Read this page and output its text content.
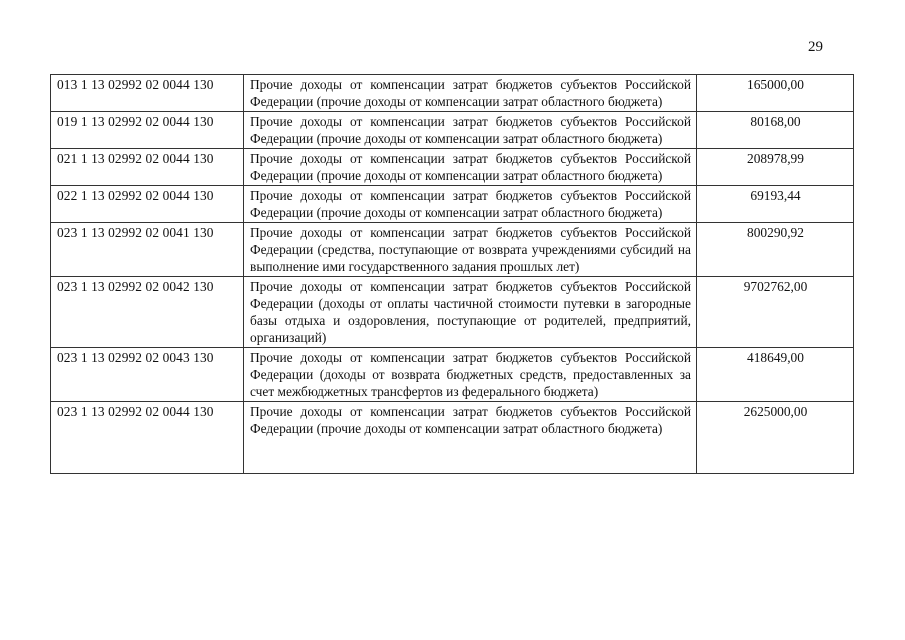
29
013 1 13 02992 02 0044 130	Прочие доходы от компенсации затрат бюджетов субъектов Российской Федерации (прочие доходы от компенсации затрат областного бюджета)	165000,00
019 1 13 02992 02 0044 130	Прочие доходы от компенсации затрат бюджетов субъектов Российской Федерации (прочие доходы от компенсации затрат областного бюджета)	80168,00
021 1 13 02992 02 0044 130	Прочие доходы от компенсации затрат бюджетов субъектов Российской Федерации (прочие доходы от компенсации затрат областного бюджета)	208978,99
022 1 13 02992 02 0044 130	Прочие доходы от компенсации затрат бюджетов субъектов Российской Федерации (прочие доходы от компенсации затрат областного бюджета)	69193,44
023 1 13 02992 02 0041 130	Прочие доходы от компенсации затрат бюджетов субъектов Российской Федерации (средства, поступающие от возврата учреждениями субсидий на выполнение ими государственного задания прошлых лет)	800290,92
023 1 13 02992 02 0042 130	Прочие доходы от компенсации затрат бюджетов субъектов Российской Федерации (доходы от оплаты частичной стоимости путевки в загородные базы отдыха и оздоровления, поступающие от родителей, предприятий, организаций)	9702762,00
023 1 13 02992 02 0043 130	Прочие доходы от компенсации затрат бюджетов субъектов Российской Федерации (доходы от возврата бюджетных средств, предоставленных за счет межбюджетных трансфертов из федерального бюджета)	418649,00
023 1 13 02992 02 0044 130	Прочие доходы от компенсации затрат бюджетов субъектов Российской Федерации (прочие доходы от компенсации затрат областного бюджета)	2625000,00
